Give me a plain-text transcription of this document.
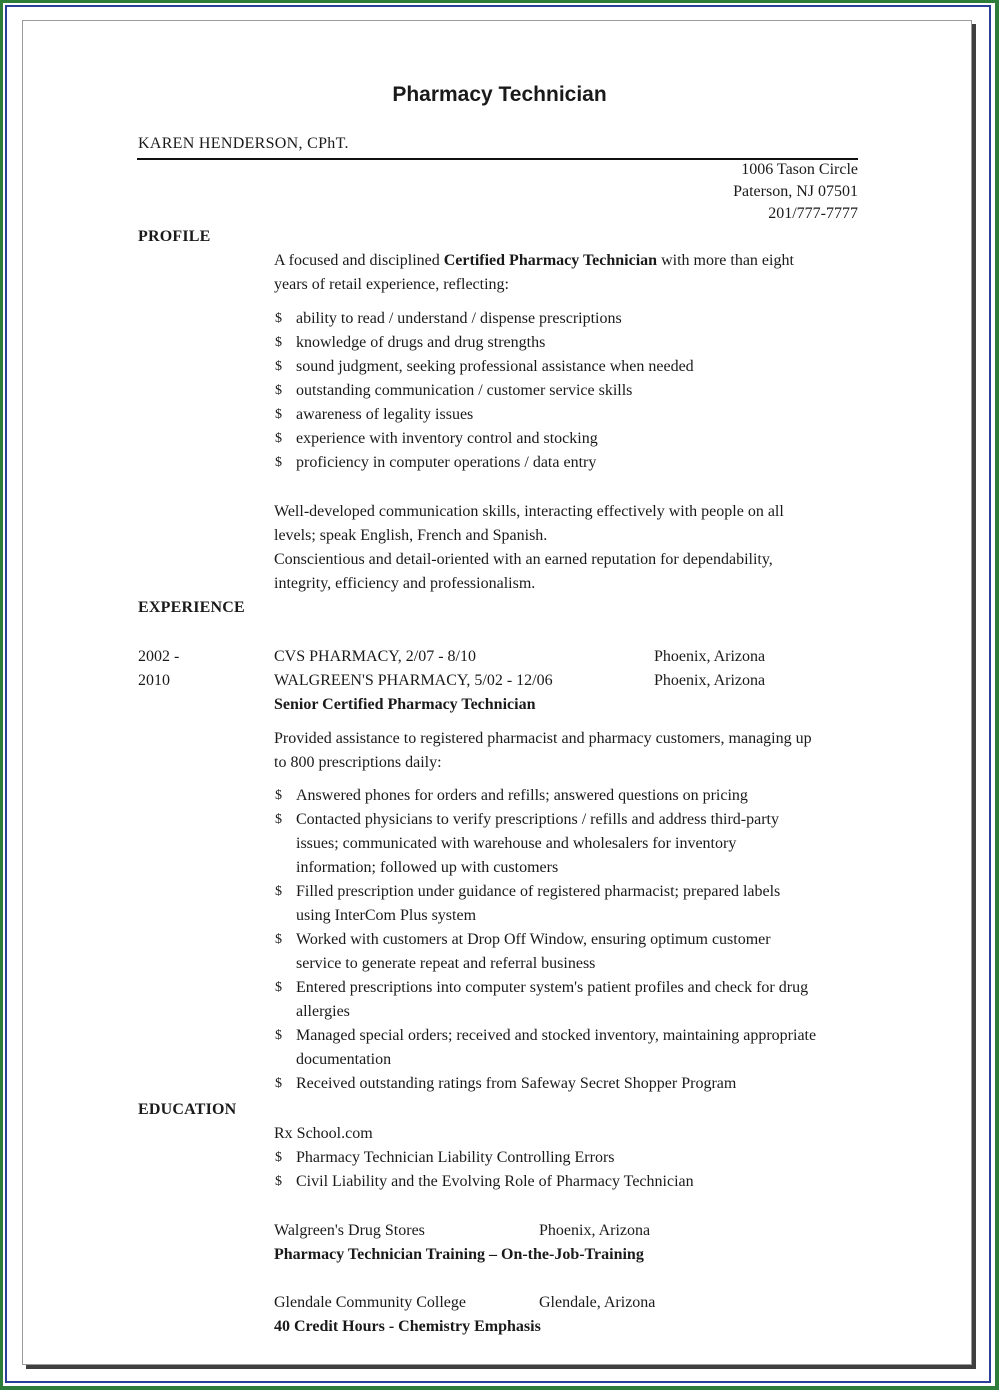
Pharmacy Technician
KAREN HENDERSON, CPhT.
1006 Tason Circle
Paterson, NJ 07501
201/777-7777
PROFILE
A focused and disciplined Certified Pharmacy Technician with more than eight
years of retail experience, reflecting:
$ ability to read / understand / dispense prescriptions
$ knowledge of drugs and drug strengths
$ sound judgment, seeking professional assistance when needed
$ outstanding communication / customer service skills
$ awareness of legality issues
$ experience with inventory control and stocking
$ proficiency in computer operations / data entry
Well-developed communication skills, interacting effectively with people on all
levels; speak English, French and Spanish.
Conscientious and detail-oriented with an earned reputation for dependability,
integrity, efficiency and professionalism.
EXPERIENCE
2002 -
2010
CVS PHARMACY, 2/07 - 8/10	Phoenix, Arizona
WALGREEN'S PHARMACY, 5/02 - 12/06	Phoenix, Arizona
Senior Certified Pharmacy Technician
Provided assistance to registered pharmacist and pharmacy customers, managing up
to 800 prescriptions daily:
$ Answered phones for orders and refills; answered questions on pricing
$ Contacted physicians to verify prescriptions / refills and address third-party
issues; communicated with warehouse and wholesalers for inventory
information; followed up with customers
$ Filled prescription under guidance of registered pharmacist; prepared labels
using InterCom Plus system
$ Worked with customers at Drop Off Window, ensuring optimum customer
service to generate repeat and referral business
$ Entered prescriptions into computer system's patient profiles and check for drug
allergies
$ Managed special orders; received and stocked inventory, maintaining appropriate
documentation
$ Received outstanding ratings from Safeway Secret Shopper Program
EDUCATION
Rx School.com
$ Pharmacy Technician Liability Controlling Errors
$ Civil Liability and the Evolving Role of Pharmacy Technician
Walgreen's Drug Stores	Phoenix, Arizona
Pharmacy Technician Training – On-the-Job-Training
Glendale Community College	Glendale, Arizona
40 Credit Hours - Chemistry Emphasis
